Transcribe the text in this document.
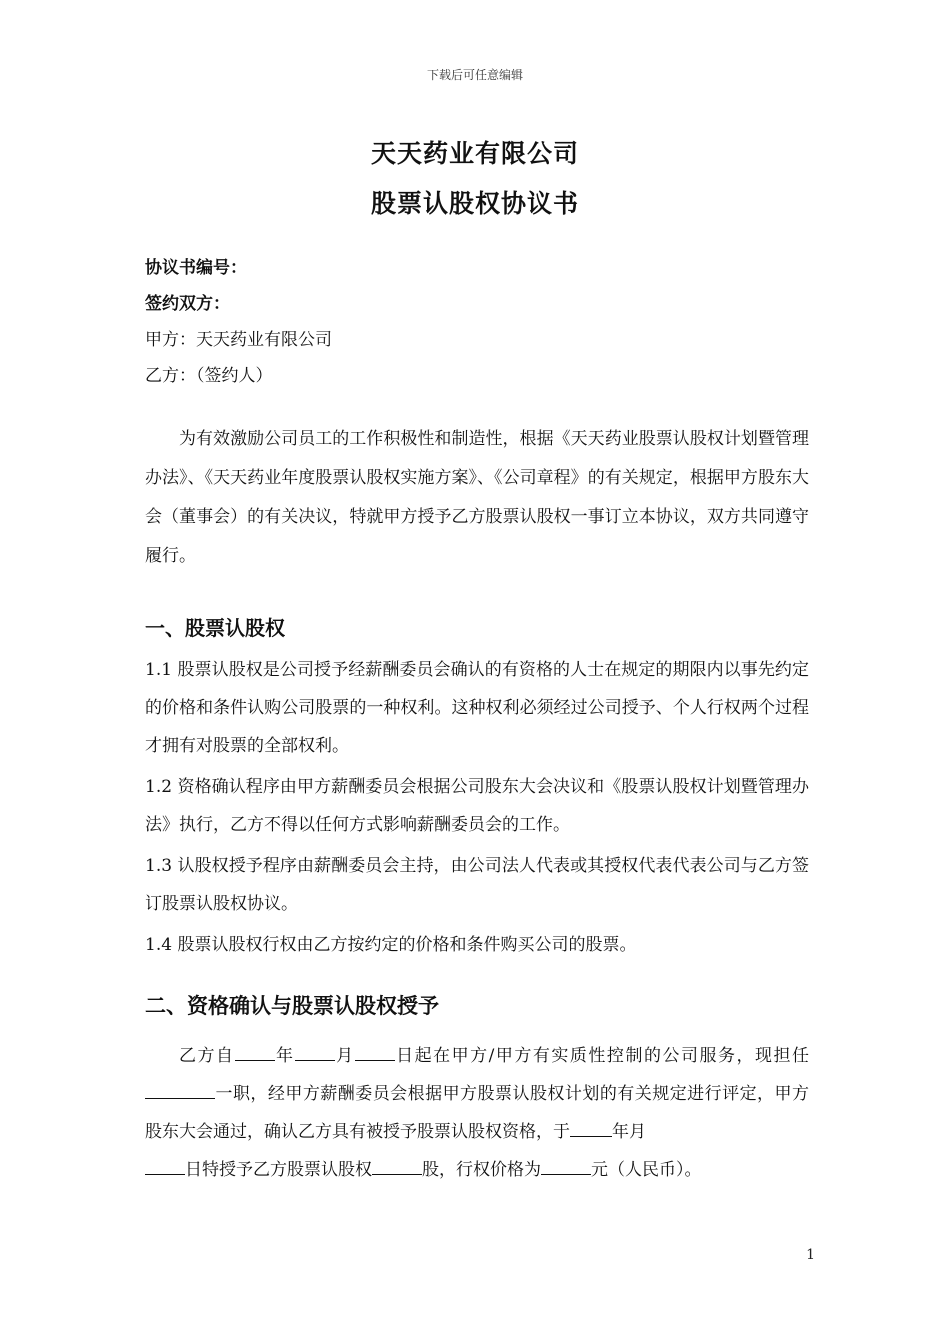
下载后可任意编辑
天天药业有限公司
股票认股权协议书
协议书编号：
签约双方：
甲方：天天药业有限公司
乙方：（签约人）
为有效激励公司员工的工作积极性和制造性，根据《天天药业股票认股权计划暨管理办法》、《天天药业年度股票认股权实施方案》、《公司章程》的有关规定，根据甲方股东大会（董事会）的有关决议，特就甲方授予乙方股票认股权一事订立本协议，双方共同遵守履行。
一、股票认股权
1.1 股票认股权是公司授予经薪酬委员会确认的有资格的人士在规定的期限内以事先约定的价格和条件认购公司股票的一种权利。这种权利必须经过公司授予、个人行权两个过程才拥有对股票的全部权利。
1.2 资格确认程序由甲方薪酬委员会根据公司股东大会决议和《股票认股权计划暨管理办法》执行，乙方不得以任何方式影响薪酬委员会的工作。
1.3 认股权授予程序由薪酬委员会主持，由公司法人代表或其授权代表代表公司与乙方签订股票认股权协议。
1.4 股票认股权行权由乙方按约定的价格和条件购买公司的股票。
二、资格确认与股票认股权授予
乙方自 年 月 日起在甲方/甲方有实质性控制的公司服务，现担任一职，经甲方薪酬委员会根据甲方股票认股权计划的有关规定进行评定，甲方股东大会通过，确认乙方具有被授予股票认股权资格，于 年月
日特授予乙方股票认股权	股，行权价格为	元（人民币）。
1
